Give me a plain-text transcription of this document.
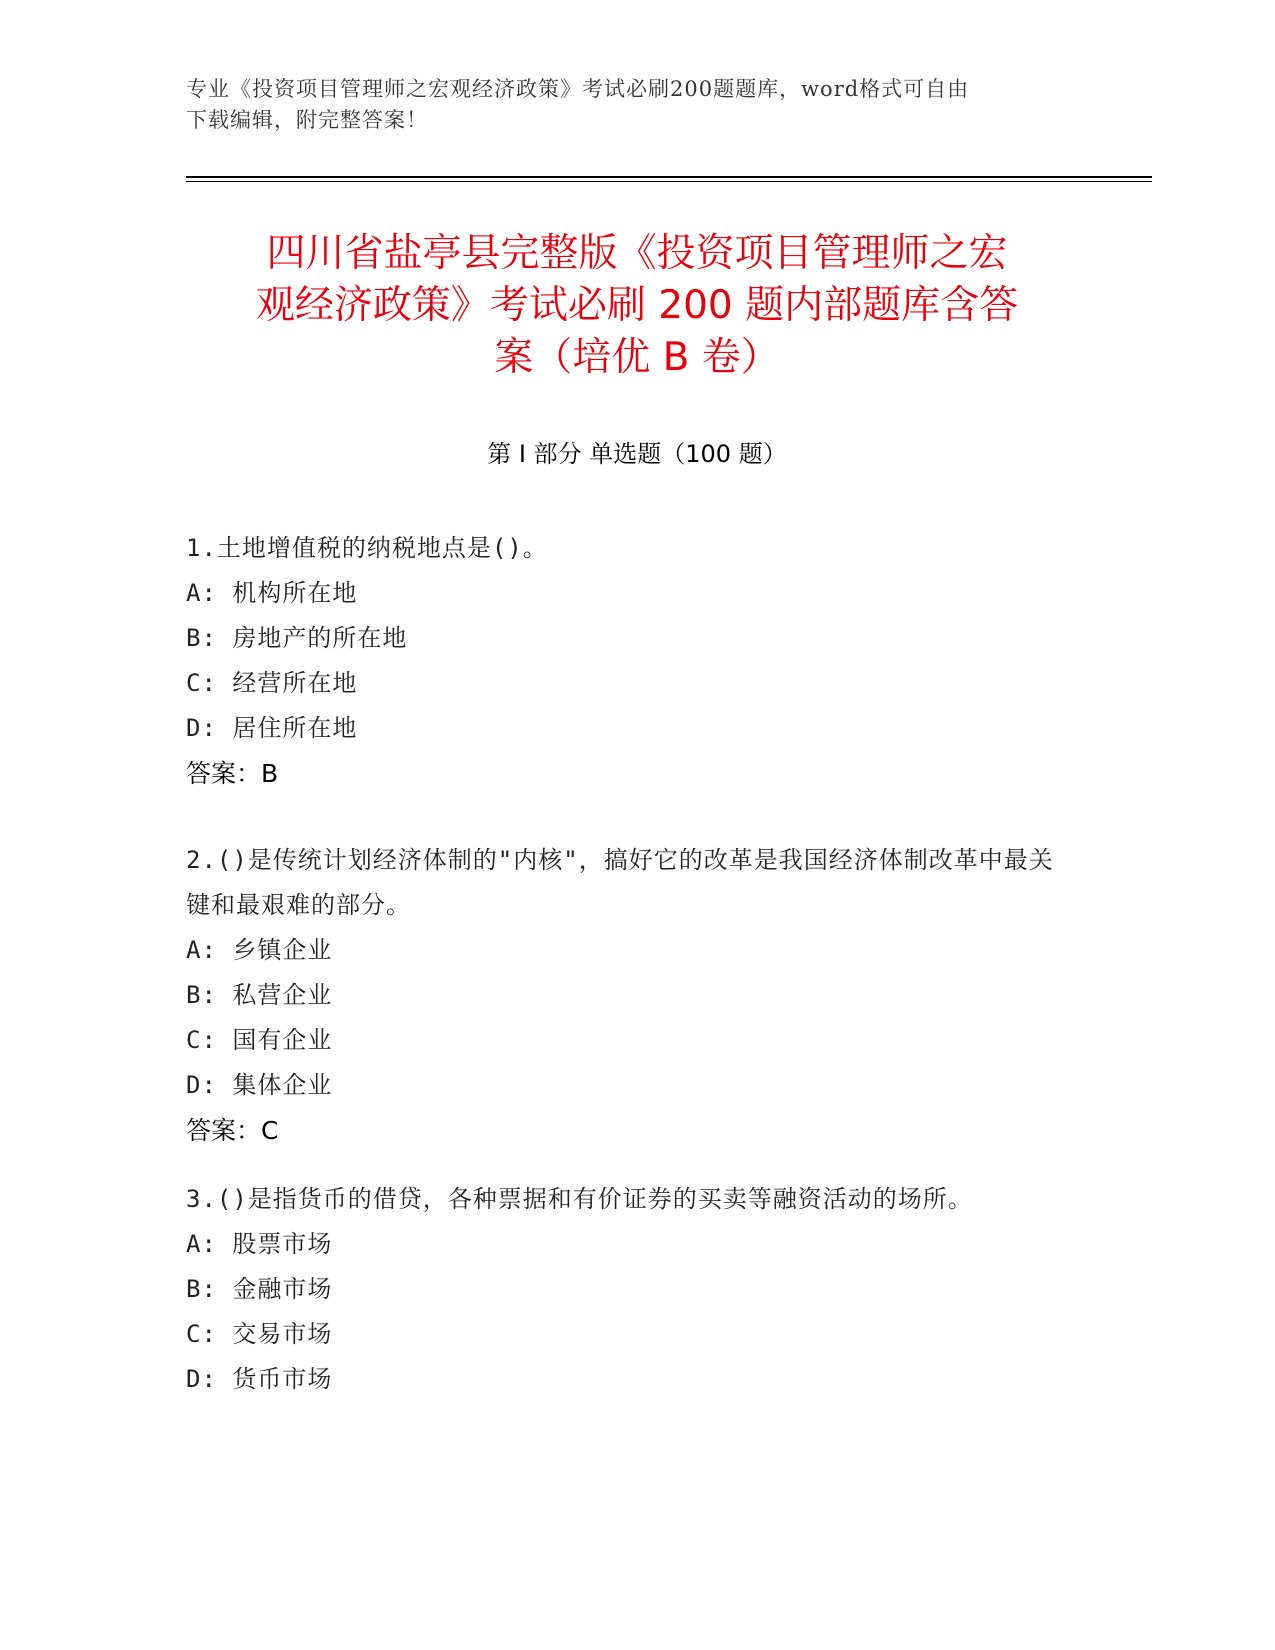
专业《投资项目管理师之宏观经济政策》考试必刷200题题库，word格式可自由
下载编辑，附完整答案！
四川省盐亭县完整版《投资项目管理师之宏
观经济政策》考试必刷 200 题内部题库含答
案（培优 B 卷）
第 I 部分 单选题（100 题）
1.土地增值税的纳税地点是()。
A: 机构所在地
B: 房地产的所在地
C: 经营所在地
D: 居住所在地
答案：B
2.()是传统计划经济体制的"内核"，搞好它的改革是我国经济体制改革中最关键和最艰难的部分。
A: 乡镇企业
B: 私营企业
C: 国有企业
D: 集体企业
答案：C
3.()是指货币的借贷，各种票据和有价证券的买卖等融资活动的场所。
A: 股票市场
B: 金融市场
C: 交易市场
D: 货币市场
